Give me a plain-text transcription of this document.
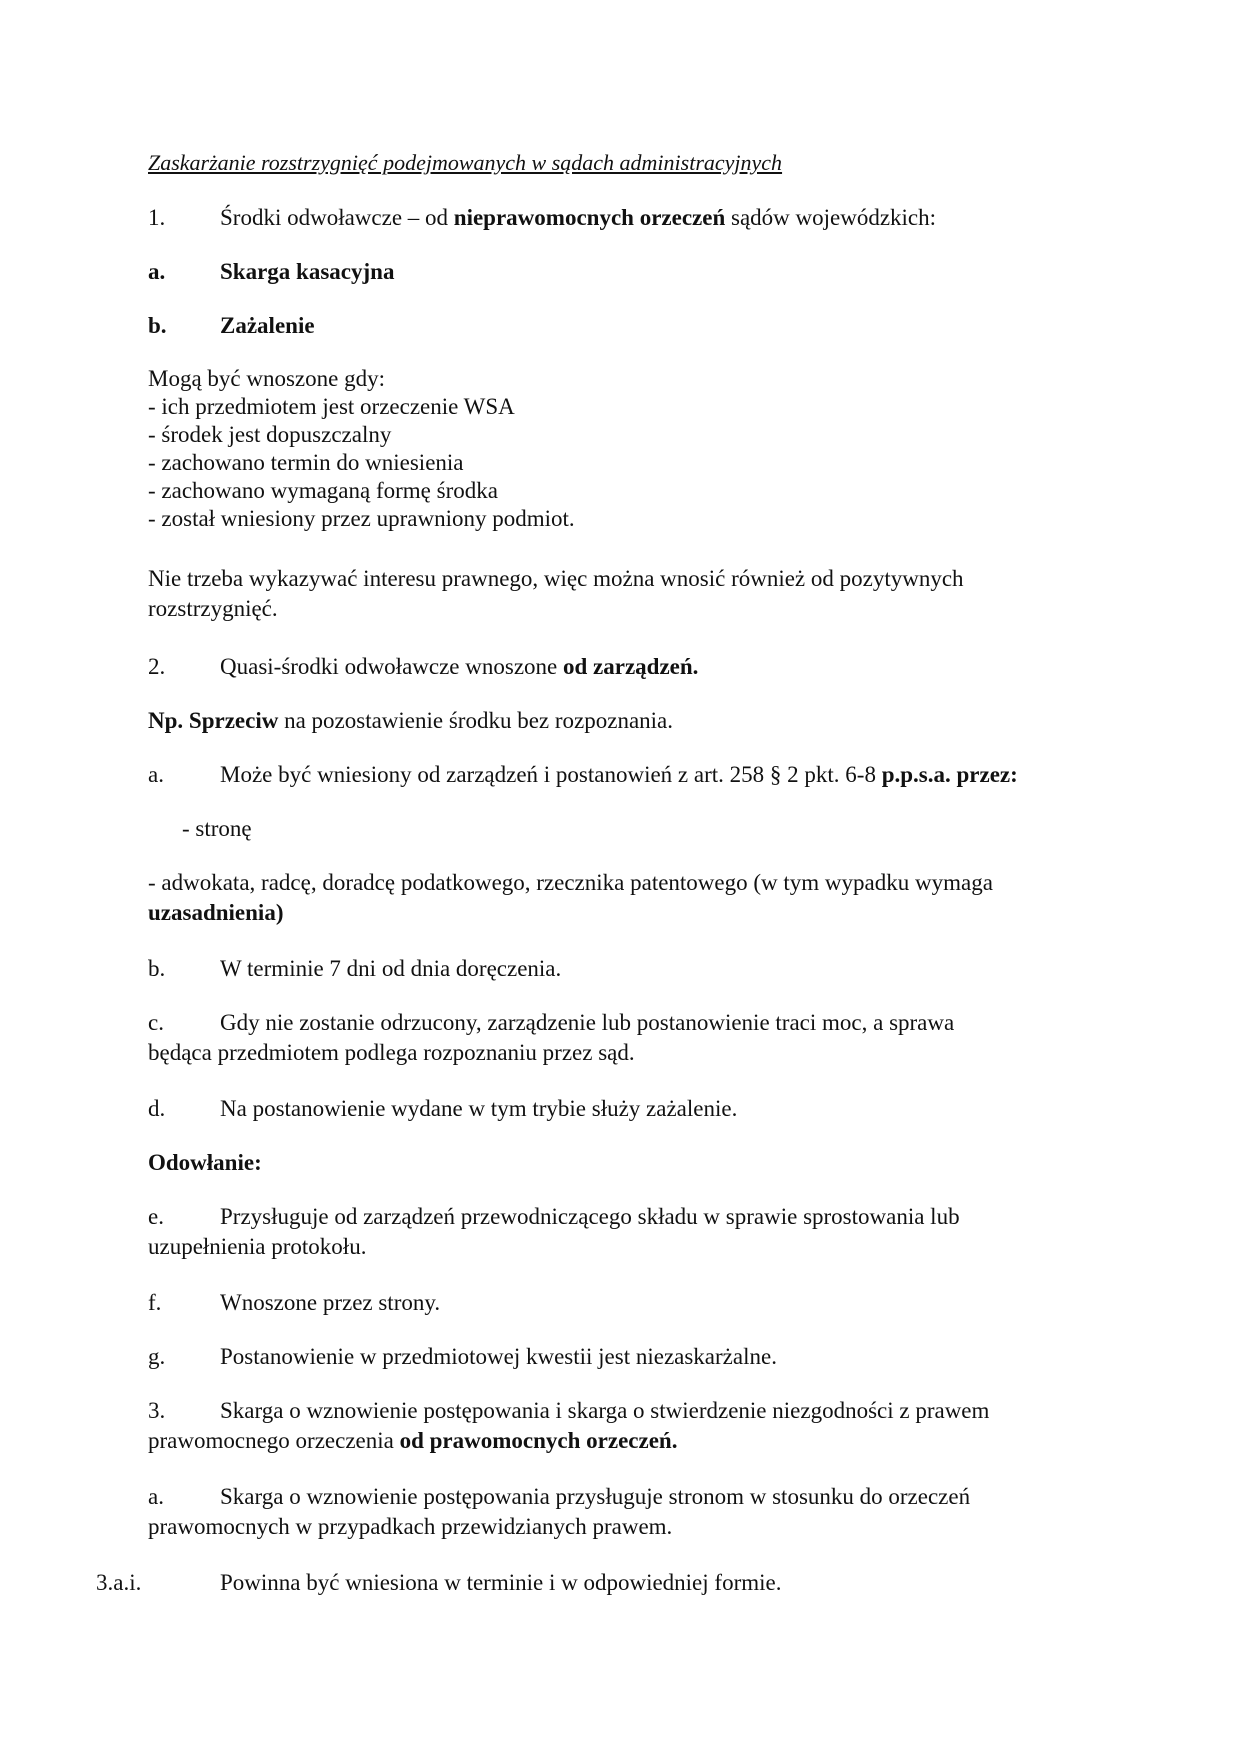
Zaskarżanie rozstrzygnięć podejmowanych w sądach administracyjnych
1. Środki odwoławcze – od nieprawomocnych orzeczeń sądów wojewódzkich:
a. Skarga kasacyjna
b. Zażalenie
Mogą być wnoszone gdy:
- ich przedmiotem jest orzeczenie WSA
- środek jest dopuszczalny
- zachowano termin do wniesienia
- zachowano wymaganą formę środka
- został wniesiony przez uprawniony podmiot.
Nie trzeba wykazywać interesu prawnego, więc można wnosić również od pozytywnych
rozstrzygnięć.
2. Quasi-środki odwoławcze wnoszone od zarządzeń.
Np. Sprzeciw na pozostawienie środku bez rozpoznania.
a. Może być wniesiony od zarządzeń i postanowień z art. 258 § 2 pkt. 6-8 p.p.s.a. przez:
- stronę
- adwokata, radcę, doradcę podatkowego, rzecznika patentowego (w tym wypadku wymaga
uzasadnienia)
b. W terminie 7 dni od dnia doręczenia.
c. Gdy nie zostanie odrzucony, zarządzenie lub postanowienie traci moc, a sprawa
będąca przedmiotem podlega rozpoznaniu przez sąd.
d. Na postanowienie wydane w tym trybie służy zażalenie.
Odowłanie:
e. Przysługuje od zarządzeń przewodniczącego składu w sprawie sprostowania lub
uzupełnienia protokołu.
f.	Wnoszone przez strony.
g. Postanowienie w przedmiotowej kwestii jest niezaskarżalne.
3. Skarga o wznowienie postępowania i skarga o stwierdzenie niezgodności z prawem
prawomocnego orzeczenia od prawomocnych orzeczeń.
a. Skarga o wznowienie postępowania przysługuje stronom w stosunku do orzeczeń
prawomocnych w przypadkach przewidzianych prawem.
3.a.i.	Powinna być wniesiona w terminie i w odpowiedniej formie.
